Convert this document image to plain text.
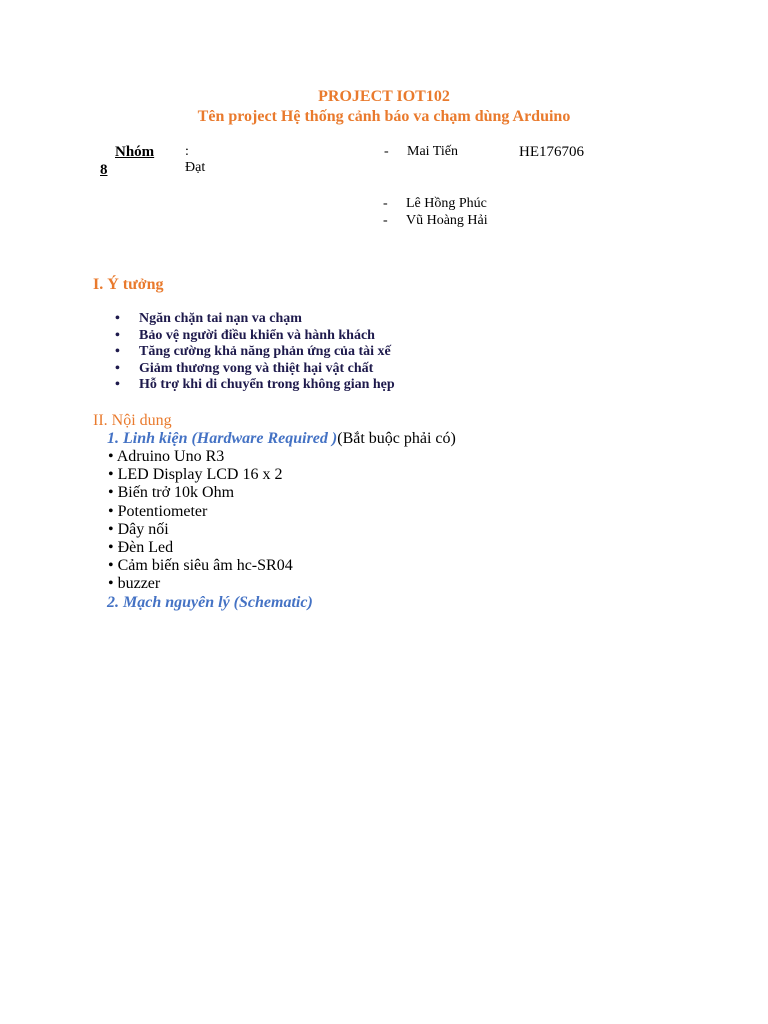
PROJECT IOT102
Tên project Hệ thống cảnh báo va chạm dùng Arduino
Nhóm
8
:
Đạt
- Mai Tiến	HE176706
- Lê Hồng Phúc
- Vũ Hoàng Hải
I. Ý tưởng
• Ngăn chặn tai nạn va chạm
• Bảo vệ người điều khiển và hành khách
• Tăng cường khả năng phản ứng của tài xế
• Giảm thương vong và thiệt hại vật chất
• Hỗ trợ khi di chuyển trong không gian hẹp
II. Nội dung
1. Linh kiện (Hardware Required )(Bắt buộc phải có)
• Adruino Uno R3
• LED Display LCD 16 x 2
• Biến trở 10k Ohm
• Potentiometer
• Dây nối
• Đèn Led
• Cảm biến siêu âm hc-SR04
• buzzer
2. Mạch nguyên lý (Schematic)
